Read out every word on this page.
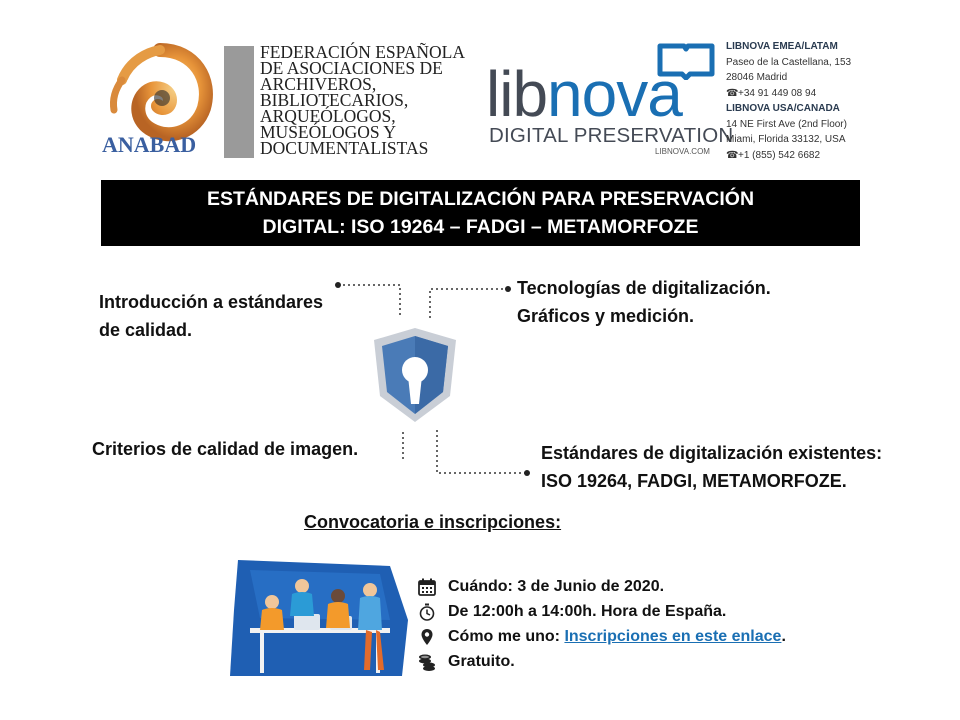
ANABAD
FEDERACIÓN ESPAÑOLA
DE ASOCIACIONES DE
ARCHIVEROS,
BIBLIOTECARIOS,
ARQUEÓLOGOS,
MUSEÓLOGOS Y
DOCUMENTALISTAS
libnova
DIGITAL PRESERVATION
LIBNOVA.COM
LIBNOVA EMEA/LATAM
Paseo de la Castellana, 153
28046 Madrid
☎+34 91 449 08 94
LIBNOVA USA/CANADA
14 NE First Ave (2nd Floor)
Miami, Florida 33132, USA
☎+1 (855) 542 6682
ESTÁNDARES DE DIGITALIZACIÓN PARA PRESERVACIÓN
DIGITAL: ISO 19264 – FADGI – METAMORFOZE
Introducción a estándares
de calidad.
Tecnologías de digitalización.
Gráficos y medición.
Criterios de calidad de imagen.	Estándares de digitalización existentes:
ISO 19264, FADGI, METAMORFOZE.
Convocatoria e inscripciones:
Cuándo: 3 de Junio de 2020.
De 12:00h a 14:00h. Hora de España.
Cómo me uno: Inscripciones en este enlace.
Gratuito.
